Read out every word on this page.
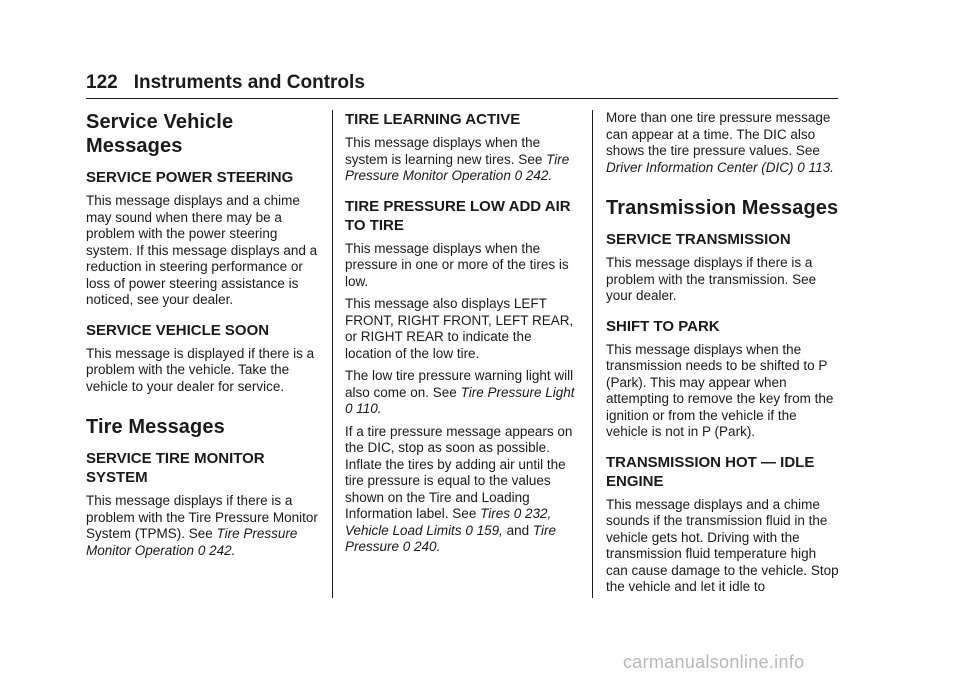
122 Instruments and Controls
Service Vehicle Messages
SERVICE POWER STEERING

This message displays and a chime may sound when there may be a problem with the power steering system. If this message displays and a reduction in steering performance or loss of power steering assistance is noticed, see your dealer.

SERVICE VEHICLE SOON

This message is displayed if there is a problem with the vehicle. Take the vehicle to your dealer for service.

Tire Messages
SERVICE TIRE MONITOR SYSTEM

This message displays if there is a problem with the Tire Pressure Monitor System (TPMS). See Tire Pressure Monitor Operation 0 242.

TIRE LEARNING ACTIVE

This message displays when the system is learning new tires. See Tire Pressure Monitor Operation 0 242.

TIRE PRESSURE LOW ADD AIR TO TIRE

This message displays when the pressure in one or more of the tires is low.

This message also displays LEFT FRONT, RIGHT FRONT, LEFT REAR, or RIGHT REAR to indicate the location of the low tire.

The low tire pressure warning light will also come on. See Tire Pressure Light 0 110.

If a tire pressure message appears on the DIC, stop as soon as possible. Inflate the tires by adding air until the tire pressure is equal to the values shown on the Tire and Loading Information label. See Tires 0 232, Vehicle Load Limits 0 159, and Tire Pressure 0 240.

More than one tire pressure message can appear at a time. The DIC also shows the tire pressure values. See Driver Information Center (DIC) 0 113.

Transmission Messages
SERVICE TRANSMISSION

This message displays if there is a problem with the transmission. See your dealer.

SHIFT TO PARK

This message displays when the transmission needs to be shifted to P (Park). This may appear when attempting to remove the key from the ignition or from the vehicle if the vehicle is not in P (Park).

TRANSMISSION HOT — IDLE ENGINE

This message displays and a chime sounds if the transmission fluid in the vehicle gets hot. Driving with the transmission fluid temperature high can cause damage to the vehicle. Stop the vehicle and let it idle to

carmanualsonline.info
